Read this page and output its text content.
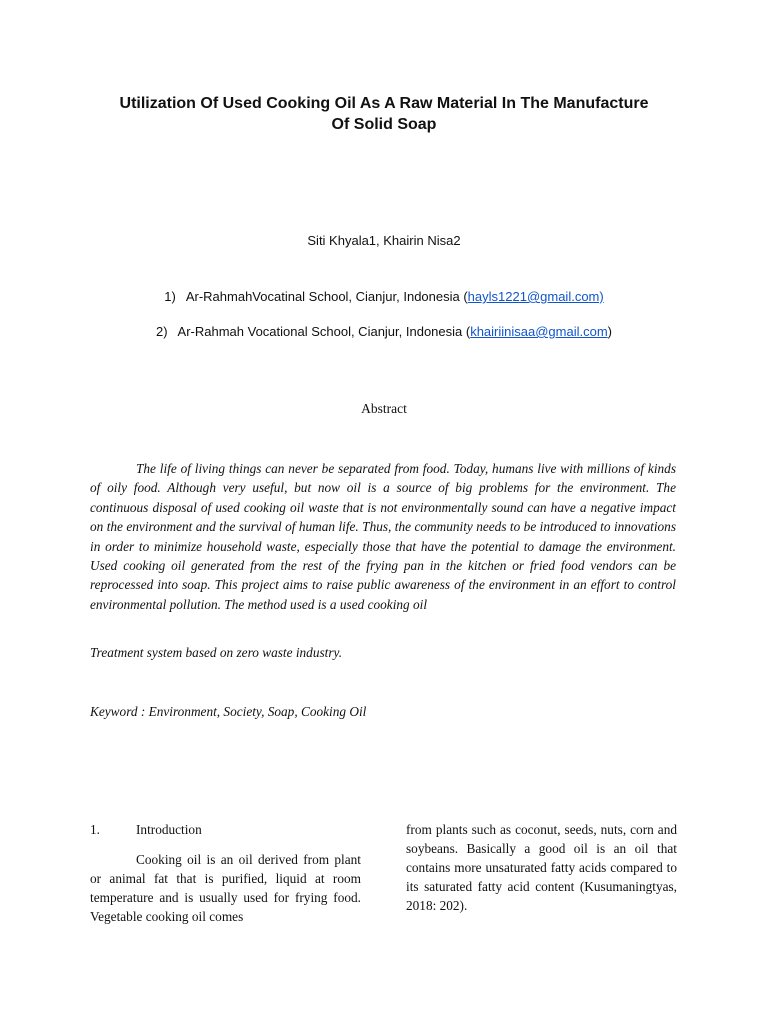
Utilization Of Used Cooking Oil As A Raw Material In The Manufacture
Of Solid Soap
Siti Khyala1, Khairin Nisa2
1) Ar-RahmahVocatinal School, Cianjur, Indonesia (hayls1221@gmail.com)
2) Ar-Rahmah Vocational School, Cianjur, Indonesia (khairiinisaa@gmail.com)
Abstract

The life of living things can never be separated from food. Today, humans live with millions of kinds of oily food. Although very useful, but now oil is a source of big problems for the environment. The continuous disposal of used cooking oil waste that is not environmentally sound can have a negative impact on the environment and the survival of human life. Thus, the community needs to be introduced to innovations in order to minimize household waste, especially those that have the potential to damage the environment. Used cooking oil generated from the rest of the frying pan in the kitchen or fried food vendors can be reprocessed into soap. This project aims to raise public awareness of the environment in an effort to control environmental pollution. The method used is a used cooking oil

Treatment system based on zero waste industry.

Keyword : Environment, Society, Soap, Cooking Oil

1.	Introduction

Cooking oil is an oil derived from plant or animal fat that is purified, liquid at room temperature and is usually used for frying food. Vegetable cooking oil comes

from plants such as coconut, seeds, nuts, corn and soybeans. Basically a good oil is an oil that contains more unsaturated fatty acids compared to its saturated fatty acid content (Kusumaningtyas, 2018: 202).
